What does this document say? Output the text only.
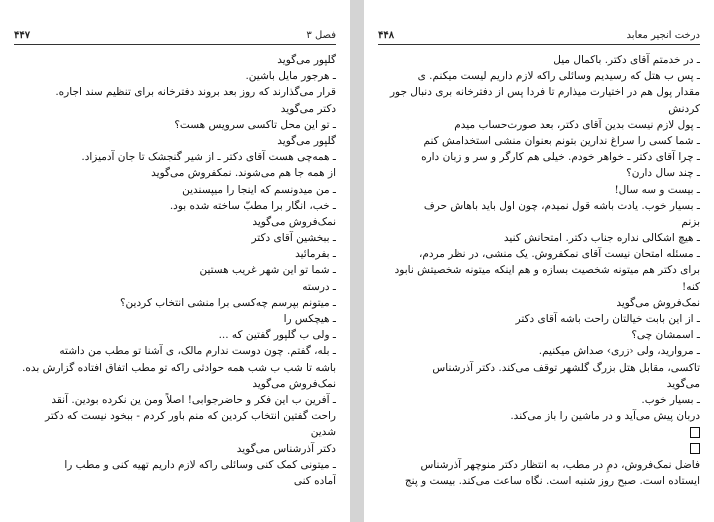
۴۴۷	فصل ۳
گلپور می‌گوید
ـ هرجور مایل باشین.
قرار می‌گذارند که روز بعد بروند دفترخانه برای تنظیم سند اجاره.
دکتر می‌گوید
ـ تو این محل تاکسی سرویس هست؟
گلپور می‌گوید
ـ همه‌چی هست آقای دکتر ـ از شیر گنجشک تا جان آدمیزاد.
از همه جا هم می‌شوند. نمکفروش می‌گوید
ـ من میدونسم که اینجا را میپسندین
ـ خب، انگار برا مطبّ ساخته شده بود.
نمک‌فروش می‌گوید
ـ ببخشین آقای دکتر
ـ بفرمائید
ـ شما تو این شهر غریب هستین
ـ درسته
ـ میتونم بپرسم چه‌کسی برا منشی انتخاب کردین؟
ـ هیچکس را
ـ ولی ب گلپور گفتین که ...
ـ بله، گفتم. چون دوست ندارم مالک، ی آشنا تو مطب من داشته
باشه تا شب ب شب همه حوادثی راکه تو مطب اتفاق افتاده گزارش بده.
نمک‌فروش می‌گوید
ـ آفرین ب این فکر و حاضرجوابی! اصلاً ومن ین نکرده بودین. آنقد
راحت گفتین انتخاب کردین که منم باور کردم - ببخود نیست که دکتر
شدین
دکتر آذرشناس می‌گوید
ـ میتونی کمک کنی وسائلی راکه لازم داریم تهیه کنی و مطب را
آماده کنی
۴۴۸	درخت انجیر معابد
ـ در خدمتم آقای دکتر. باکمال میل
ـ پس ب هتل که رسیدیم وسائلی راکه لازم داریم لیست میکنم. ی
مقدار پول هم در اختیارت میذارم تا فردا پس از دفترخانه بری دنبال جور
کردنش
ـ پول لازم نیست بدین آقای دکتر، بعد صورت‌حساب میدم
ـ شما کسی را سراغ ندارین بتونم بعنوان منشی استخدامش کنم
ـ چرا آقای دکتر ـ خواهر خودم. خیلی هم کارگر و سر و زبان داره
ـ چند سال دارن؟
ـ بیست و سه سال!
ـ بسیار خوب. یادت باشه قول نمیدم، چون اول باید باهاش حرف
بزنم
ـ هیچ اشکالی نداره جناب دکتر. امتحانش کنید
ـ مسئله امتحان نیست آقای نمکفروش. یک منشی، در نظر مردم،
برای دکتر هم میتونه شخصیت بسازه و هم اینکه میتونه شخصیتش نابود
کنه!
نمک‌فروش می‌گوید
ـ از این بابت خیالتان راحت باشه آقای دکتر
ـ اسمشان چی؟
ـ مروارید، ولی ‹زری› صداش میکنیم.
تاکسی، مقابل هتل بزرگ گلشهر توقف می‌کند. دکتر آذرشناس
می‌گوید
ـ بسیار خوب.
دربان پیش می‌آید و در ماشین را باز می‌کند.
فاضل نمک‌فروش، دمِ در مطب، به انتظار دکتر منوچهر آذرشناس
ایستاده است. صبح روز شنبه است. نگاه ساعت می‌کند. بیست و پنج
